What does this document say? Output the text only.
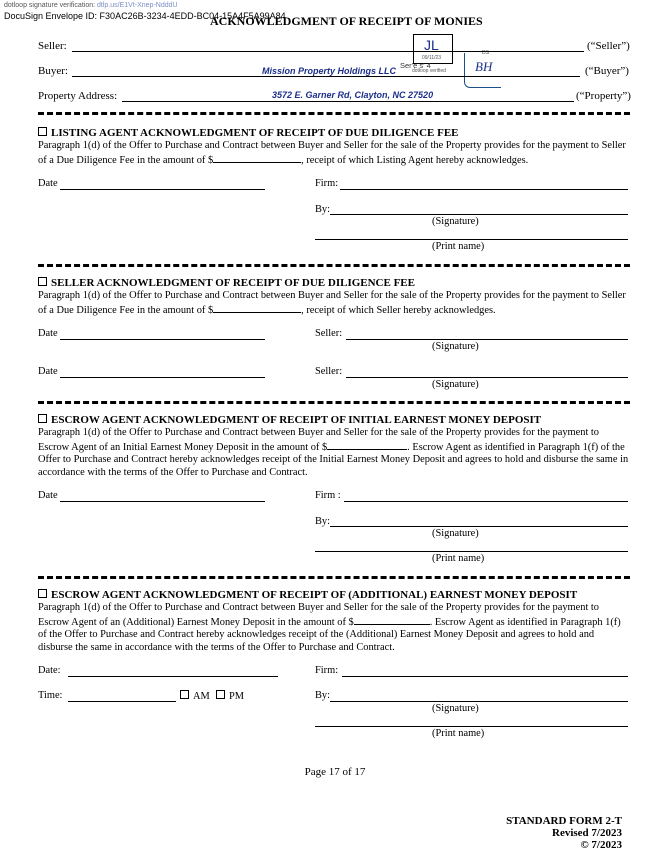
dotloop signature verification: dtlp.us/E1Vt-Xnep-NdddU
DocuSign Envelope ID: F30AC26B-3234-4EDD-BC04-15A4F5A99A84
ACKNOWLEDGMENT OF RECEIPT OF MONIES
JL
09/11/23
DS
BH
Ser'e s' 4
dotloop verified
Seller:	(“Seller”)
Buyer:	Mission Property Holdings LLC	(“Buyer”)
Property Address:	3572 E. Garner Rd, Clayton, NC 27520	(“Property”)
LISTING AGENT ACKNOWLEDGMENT OF RECEIPT OF DUE DILIGENCE FEE
Paragraph 1(d) of the Offer to Purchase and Contract between Buyer and Seller for the sale of the Property provides for the payment to Seller of a Due Diligence Fee in the amount of $	, receipt of which Listing Agent hereby acknowledges.
Date	Firm:
By:
(Signature)
(Print name)
SELLER ACKNOWLEDGMENT OF RECEIPT OF DUE DILIGENCE FEE
Paragraph 1(d) of the Offer to Purchase and Contract between Buyer and Seller for the sale of the Property provides for the payment to Seller of a Due Diligence Fee in the amount of $	, receipt of which Seller hereby acknowledges.
Date	Seller:
(Signature)
Date	Seller:
(Signature)
ESCROW AGENT ACKNOWLEDGMENT OF RECEIPT OF INITIAL EARNEST MONEY DEPOSIT
Paragraph 1(d) of the Offer to Purchase and Contract between Buyer and Seller for the sale of the Property provides for the payment to Escrow Agent of an Initial Earnest Money Deposit in the amount of $	. Escrow Agent as identified in Paragraph 1(f) of the Offer to Purchase and Contract hereby acknowledges receipt of the Initial Earnest Money Deposit and agrees to hold and disburse the same in accordance with the terms of the Offer to Purchase and Contract.
Date	Firm :
By:
(Signature)
(Print name)
ESCROW AGENT ACKNOWLEDGMENT OF RECEIPT OF (ADDITIONAL) EARNEST MONEY DEPOSIT
Paragraph 1(d) of the Offer to Purchase and Contract between Buyer and Seller for the sale of the Property provides for the payment to Escrow Agent of an (Additional) Earnest Money Deposit in the amount of $	. Escrow Agent as identified in Paragraph 1(f) of the Offer to Purchase and Contract hereby acknowledges receipt of the (Additional) Earnest Money Deposit and agrees to hold and disburse the same in accordance with the terms of the Offer to Purchase and Contract.
Date:	Firm:
Time:	AM	PM	By:
(Signature)
(Print name)
Page 17 of 17
STANDARD FORM 2-T
Revised 7/2023
© 7/2023
